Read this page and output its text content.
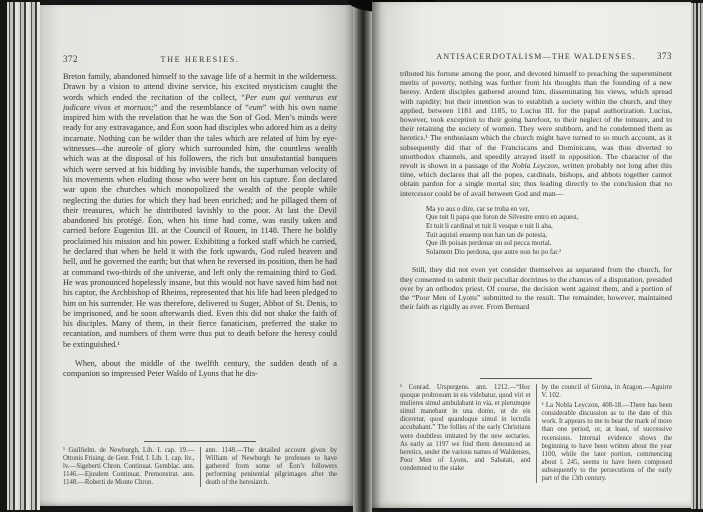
372	THE HERESIES.

Breton family, abandoned himself to the savage life of a hermit in the wilderness. Drawn by a vision to attend divine service, his excited mysticism caught the words which ended the recitation of the collect, “Per eum qui venturus est judicare vivos et mortuos;” and the resemblance of “eum” with his own name inspired him with the revelation that he was the Son of God. Men’s minds were ready for any extravagance, and Éon soon had disciples who adored him as a deity incarnate. Nothing can be wilder than the tales which are related of him by eye-witnesses—the aureole of glory which surrounded him, the countless wealth which was at the disposal of his followers, the rich but unsubstantial banquets which were served at his bidding by invisible hands, the superhuman velocity of his movements when eluding those who were bent on his capture. Éon declared war upon the churches which monopolized the wealth of the people while neglecting the duties for which they had been enriched; and he pillaged them of their treasures, which he distributed lavishly to the poor. At last the Devil abandoned his protégé. Éon, when his time had come, was easily taken and carried before Eugenius III. at the Council of Rouen, in 1148. There he boldly proclaimed his mission and his power. Exhibiting a forked staff which he carried, he declared that when he held it with the fork upwards, God ruled heaven and hell, and he governed the earth; but that when he reversed its position, then he had at command two-thirds of the universe, and left only the remaining third to God. He was pronounced hopelessly insane, but this would not have saved him had not his captor, the Archbishop of Rheims, represented that his life had been pledged to him on his surrender. He was therefore, delivered to Suger, Abbot of St. Denis, to be imprisoned, and he soon afterwards died. Even this did not shake the faith of his disciples. Many of them, in their fierce fanaticism, preferred the stake to recantation, and numbers of them were thus put to death before the heresy could be extinguished.¹

When, about the middle of the twelfth century, the sudden death of a companion so impressed Peter Waldo of Lyons that he dis-

¹ Guillielm. de Newburgh, Lib. I. cap. 19.—Ottonis Frising. de Gest. Frid. I. Lib. 1. cap. liv., lv.—Sigeberti Chron. Continuat. Gemblac. ann. 1146.—Ejusdem Continuat. Premonstrat. ann. 1148.—Roberti de Monte Chron.

ann. 1148.—The detailed account given by William of Newburgh he professes to have gathered from some of Éon’s followers performing penitential pilgrimages after the death of the heresiarch.

ANTISACERDOTALISM—THE WALDENSES.	373

tributed his fortune among the poor, and devoted himself to preaching the supereminent merits of poverty, nothing was further from his thoughts than the founding of a new heresy. Ardent disciples gathered around him, disseminating his views, which spread with rapidity; but their intention was to establish a society within the church, and they applied, between 1181 and 1185, to Lucius III. for the papal authorization. Lucius, however, took exception to their going barefoot, to their neglect of the tonsure, and to their retaining the society of women. They were stubborn, and he condemned them as heretics.¹ The enthusiasm which the church might have turned to so much account, as it subsequently did that of the Franciscans and Dominicans, was thus diverted to unorthodox channels, and speedily arrayed itself in opposition. The character of the revolt is shown in a passage of the Nobla Leyczon, written probably not long after this time, which declares that all the popes, cardinals, bishops, and abbots together cannot obtain pardon for a single mortal sin; thus leading directly to the conclusion that no intercessor could be of avail between God and man—

Ma yo aus o dire, car se troba en ver,
Que tuit li papa que foron de Silvestre entro en aquest,
Et tuit li cardinal et tuit li vesque e tuit li aba,
Tuit aquisti ensemp non han tan de potesta,
Que ilh poisan perdonar un sol pecca mortal.
Solament Dio perdona, que autre non ho po far.²

Still, they did not even yet consider themselves as separated from the church, for they consented to submit their peculiar doctrines to the chances of a disputation, presided over by an orthodox priest. Of course, the decision went against them, and a portion of the “Poor Men of Lyons” submitted to the result. The remainder, however, maintained their faith as rigidly as ever. From Bernard

¹ Conrad. Urspergens. ann. 1212.—“Hoc quoque probrosum in eis videbatur, quod viri et mulieres simul ambulabant in via, et plerumque simul manebant in una domo, ut de eis diceretur, quod quandoque simul in lectulis accubabant.” The follies of the early Christians were doubtless imitated by the new sectaries. As early as 1197 we find them denounced as heretics, under the various names of Waldenses, Poor Men of Lyons, and Sabatati, and condemned to the stake

by the council of Girona, in Aragon.—Aguirre V. 102.

² La Nobla Leyczon, 408-18.—There has been considerable discussion as to the date of this work. It appears to me to bear the mark of more than one period, or, at least, of successive recensions. Internal evidence shows the beginning to have been written about the year 1100, while the later portion, commencing about l. 245, seems to have been composed subsequently to the persecutions of the early part of the 13th century.
